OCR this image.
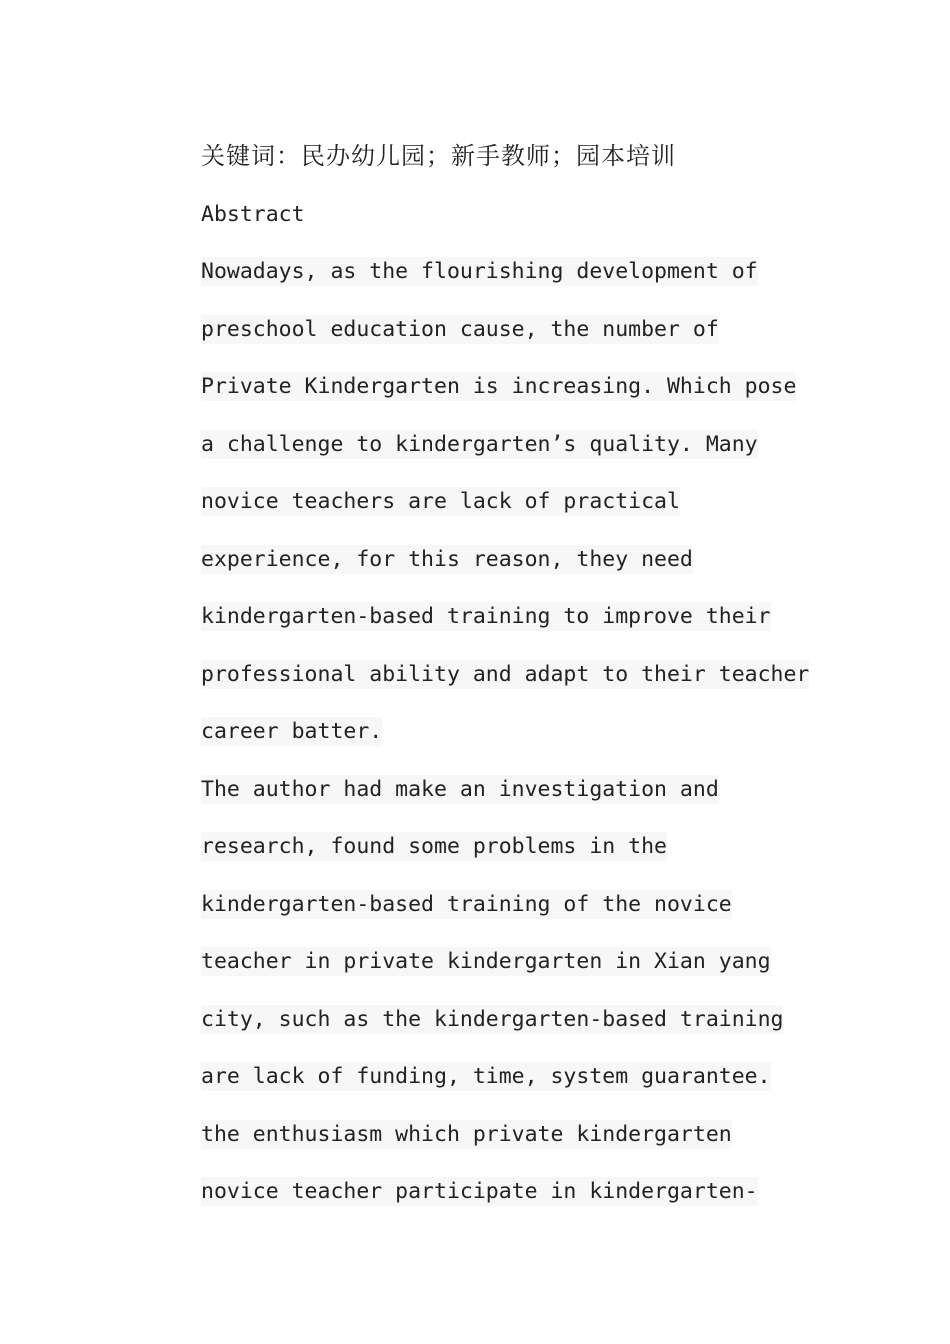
关键词：民办幼儿园；新手教师；园本培训
Abstract
Nowadays, as the flourishing development of
preschool education cause, the number of
Private Kindergarten is increasing. Which pose
a challenge to kindergarten’s quality. Many
novice teachers are lack of practical
experience, for this reason, they need
kindergarten-based training to improve their
professional ability and adapt to their teacher
career batter.
The author had make an investigation and
research, found some problems in the
kindergarten-based training of the novice
teacher in private kindergarten in Xian yang
city, such as the kindergarten-based training
are lack of funding, time, system guarantee.
the enthusiasm which private kindergarten
novice teacher participate in kindergarten-
